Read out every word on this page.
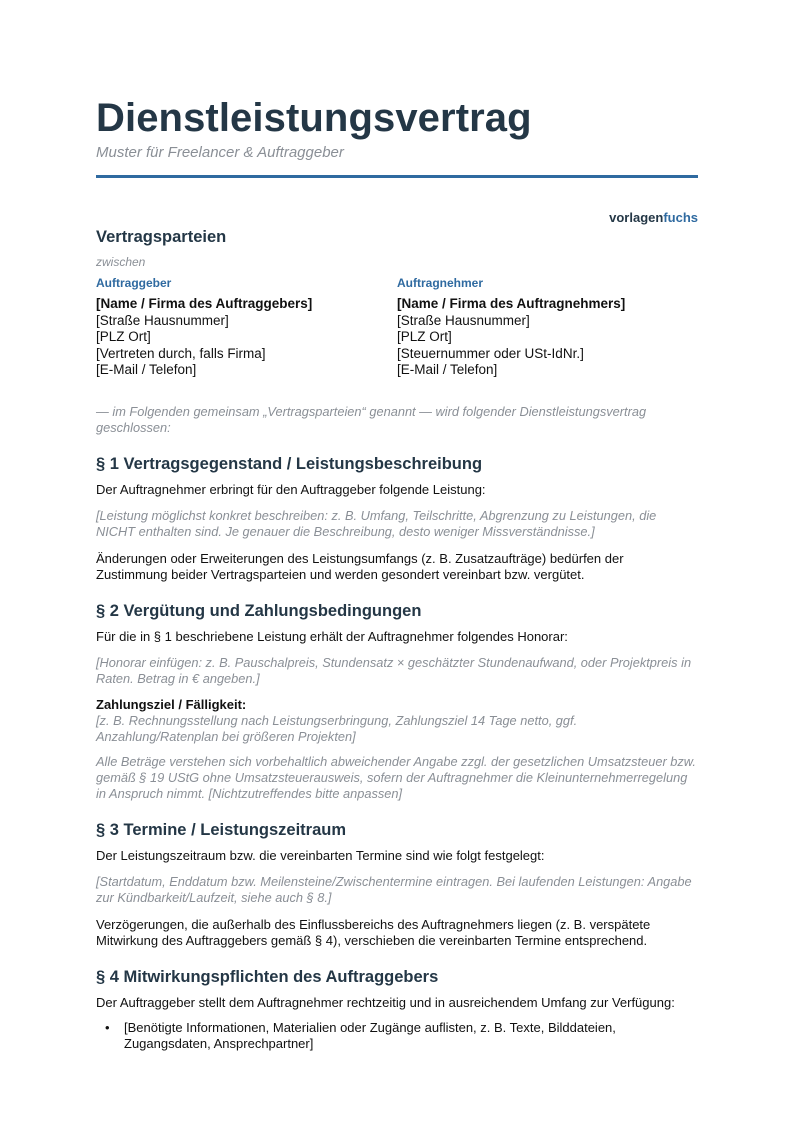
Dienstleistungsvertrag
Muster für Freelancer & Auftraggeber
vorlagenfuchs
Vertragsparteien
zwischen
Auftraggeber
[Name / Firma des Auftraggebers]
[Straße Hausnummer]
[PLZ Ort]
[Vertreten durch, falls Firma]
[E-Mail / Telefon]
Auftragnehmer
[Name / Firma des Auftragnehmers]
[Straße Hausnummer]
[PLZ Ort]
[Steuernummer oder USt-IdNr.]
[E-Mail / Telefon]
— im Folgenden gemeinsam „Vertragsparteien“ genannt — wird folgender Dienstleistungsvertrag geschlossen:
§ 1 Vertragsgegenstand / Leistungsbeschreibung

Der Auftragnehmer erbringt für den Auftraggeber folgende Leistung:

[Leistung möglichst konkret beschreiben: z. B. Umfang, Teilschritte, Abgrenzung zu Leistungen, die NICHT enthalten sind. Je genauer die Beschreibung, desto weniger Missverständnisse.]

Änderungen oder Erweiterungen des Leistungsumfangs (z. B. Zusatzaufträge) bedürfen der Zustimmung beider Vertragsparteien und werden gesondert vereinbart bzw. vergütet.

§ 2 Vergütung und Zahlungsbedingungen

Für die in § 1 beschriebene Leistung erhält der Auftragnehmer folgendes Honorar:

[Honorar einfügen: z. B. Pauschalpreis, Stundensatz × geschätzter Stundenaufwand, oder Projektpreis in Raten. Betrag in € angeben.]
Zahlungsziel / Fälligkeit:
[z. B. Rechnungsstellung nach Leistungserbringung, Zahlungsziel 14 Tage netto, ggf. Anzahlung/Ratenplan bei größeren Projekten]
Alle Beträge verstehen sich vorbehaltlich abweichender Angabe zzgl. der gesetzlichen Umsatzsteuer bzw. gemäß § 19 UStG ohne Umsatzsteuerausweis, sofern der Auftragnehmer die Kleinunternehmerregelung in Anspruch nimmt. [Nichtzutreffendes bitte anpassen]
§ 3 Termine / Leistungszeitraum

Der Leistungszeitraum bzw. die vereinbarten Termine sind wie folgt festgelegt:

[Startdatum, Enddatum bzw. Meilensteine/Zwischentermine eintragen. Bei laufenden Leistungen: Angabe zur Kündbarkeit/Laufzeit, siehe auch § 8.]

Verzögerungen, die außerhalb des Einflussbereichs des Auftragnehmers liegen (z. B. verspätete Mitwirkung des Auftraggebers gemäß § 4), verschieben die vereinbarten Termine entsprechend.

§ 4 Mitwirkungspflichten des Auftraggebers

Der Auftraggeber stellt dem Auftragnehmer rechtzeitig und in ausreichendem Umfang zur Verfügung:

• [Benötigte Informationen, Materialien oder Zugänge auflisten, z. B. Texte, Bilddateien, Zugangsdaten, Ansprechpartner]
